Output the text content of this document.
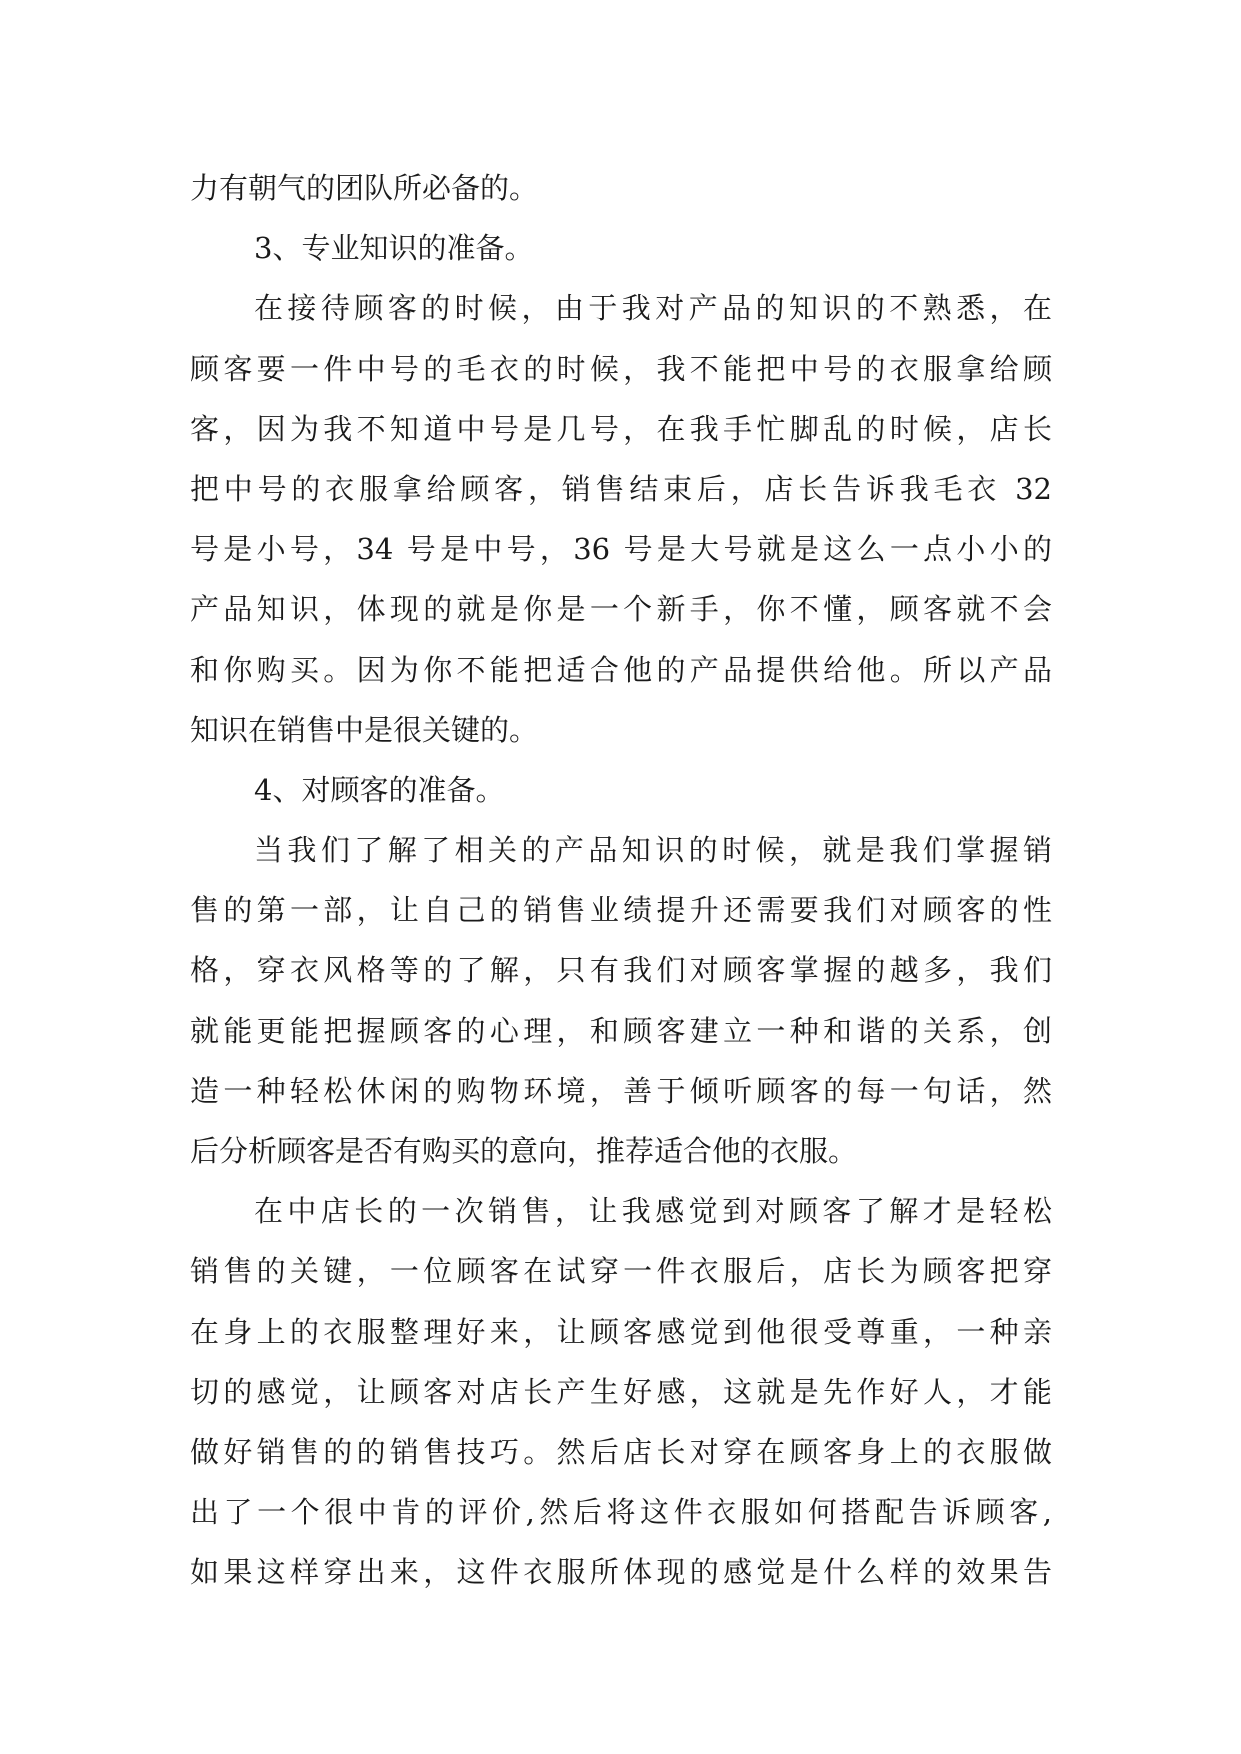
力有朝气的团队所必备的。
3、专业知识的准备。
在接待顾客的时候，由于我对产品的知识的不熟悉，在
顾客要一件中号的毛衣的时候，我不能把中号的衣服拿给顾
客，因为我不知道中号是几号，在我手忙脚乱的时候，店长
把中号的衣服拿给顾客，销售结束后，店长告诉我毛衣 32
号是小号，34 号是中号，36 号是大号就是这么一点小小的
产品知识，体现的就是你是一个新手，你不懂，顾客就不会
和你购买。因为你不能把适合他的产品提供给他。所以产品
知识在销售中是很关键的。
4、对顾客的准备。
当我们了解了相关的产品知识的时候，就是我们掌握销
售的第一部，让自己的销售业绩提升还需要我们对顾客的性
格，穿衣风格等的了解，只有我们对顾客掌握的越多，我们
就能更能把握顾客的心理，和顾客建立一种和谐的关系，创
造一种轻松休闲的购物环境，善于倾听顾客的每一句话，然
后分析顾客是否有购买的意向，推荐适合他的衣服。
在中店长的一次销售，让我感觉到对顾客了解才是轻松
销售的关键，一位顾客在试穿一件衣服后，店长为顾客把穿
在身上的衣服整理好来，让顾客感觉到他很受尊重，一种亲
切的感觉，让顾客对店长产生好感，这就是先作好人，才能
做好销售的的销售技巧。然后店长对穿在顾客身上的衣服做
出了一个很中肯的评价,然后将这件衣服如何搭配告诉顾客,
如果这样穿出来，这件衣服所体现的感觉是什么样的效果告
